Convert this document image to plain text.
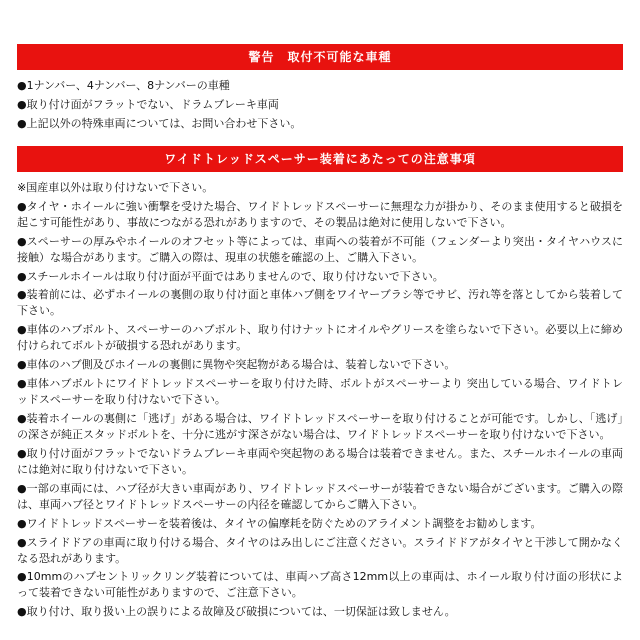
警告　取付不可能な車種
●1ナンバー、4ナンバー、8ナンバーの車種
●取り付け面がフラットでない、ドラムブレーキ車両
●上記以外の特殊車両については、お問い合わせ下さい。
ワイドトレッドスペーサー装着にあたっての注意事項
※国産車以外は取り付けないで下さい。
●タイヤ・ホイールに強い衝撃を受けた場合、ワイドトレッドスペーサーに無理な力が掛かり、そのまま使用すると破損を起こす可能性があり、事故につながる恐れがありますので、その製品は絶対に使用しないで下さい。
●スペーサーの厚みやホイールのオフセット等によっては、車両への装着が不可能（フェンダーより突出・タイヤハウスに接触）な場合があります。ご購入の際は、現車の状態を確認の上、ご購入下さい。
●スチールホイールは取り付け面が平面ではありませんので、取り付けないで下さい。
●装着前には、必ずホイールの裏側の取り付け面と車体ハブ側をワイヤーブラシ等でサビ、汚れ等を落としてから装着して下さい。
●車体のハブボルト、スペーサーのハブボルト、取り付けナットにオイルやグリースを塗らないで下さい。必要以上に締め付けられてボルトが破損する恐れがあります。
●車体のハブ側及びホイールの裏側に異物や突起物がある場合は、装着しないで下さい。
●車体ハブボルトにワイドトレッドスペーサーを取り付けた時、ボルトがスペーサーより 突出している場合、ワイドトレッドスペーサーを取り付けないで下さい。
●装着ホイールの裏側に「逃げ」がある場合は、ワイドトレッドスペーサーを取り付けることが可能です。しかし、「逃げ」の深さが純正スタッドボルトを、十分に逃がす深さがない場合は、ワイドトレッドスペーサーを取り付けないで下さい。
●取り付け面がフラットでないドラムブレーキ車両や突起物のある場合は装着できません。また、スチールホイールの車両には絶対に取り付けないで下さい。
●一部の車両には、ハブ径が大きい車両があり、ワイドトレッドスペーサーが装着できない場合がございます。ご購入の際は、車両ハブ径とワイドトレッドスペーサーの内径を確認してからご購入下さい。
●ワイドトレッドスペーサーを装着後は、タイヤの偏摩耗を防ぐためのアライメント調整をお勧めします。
●スライドドアの車両に取り付ける場合、タイヤのはみ出しにご注意ください。スライドドアがタイヤと干渉して開かなくなる恐れがあります。
●10mmのハブセントリックリング装着については、車両ハブ高さ12mm以上の車両は、ホイール取り付け面の形状によって装着できない可能性がありますので、ご注意下さい。
●取り付け、取り扱い上の誤りによる故障及び破損については、一切保証は致しません。
